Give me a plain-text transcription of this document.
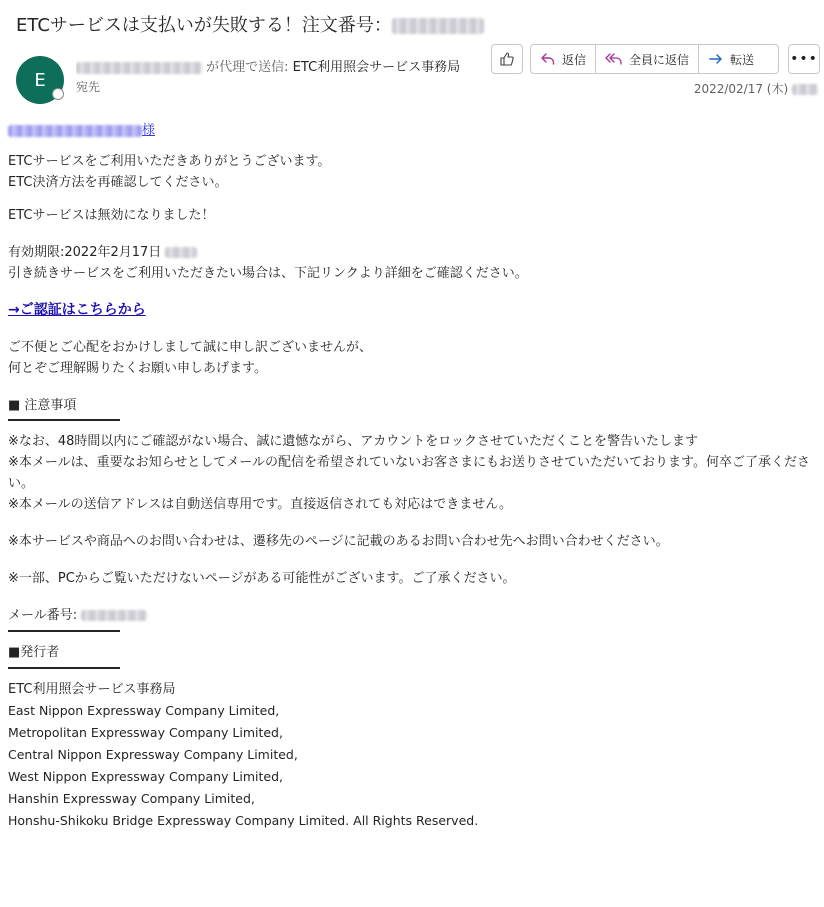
ETCサービスは支払いが失敗する！注文番号：
E
が代理で送信: ETC利用照会サービス事務局
宛先
返信	全員に返信	転送	•••
2022/02/17 (木)

様

ETCサービスをご利用いただきありがとうございます。

ETC決済方法を再確認してください。

ETCサービスは無効になりました！

有効期限:2022年2月17日

引き続きサービスをご利用いただきたい場合は、下記リンクより詳細をご確認ください。

→ご認証はこちらから

ご不便とご心配をおかけしまして誠に申し訳ございませんが、

何とぞご理解賜りたくお願い申しあげます。

■ 注意事項

※なお、48時間以内にご確認がない場合、誠に遺憾ながら、アカウントをロックさせていただくことを警告いたします

※本メールは、重要なお知らせとしてメールの配信を希望されていないお客さまにもお送りさせていただいております。何卒ご了承ください。

※本メールの送信アドレスは自動送信専用です。直接返信されても対応はできません。

※本サービスや商品へのお問い合わせは、遷移先のページに記載のあるお問い合わせ先へお問い合わせください。

※一部、PCからご覧いただけないページがある可能性がございます。ご了承ください。

メール番号:

■発行者

ETC利用照会サービス事務局

East Nippon Expressway Company Limited,

Metropolitan Expressway Company Limited,

Central Nippon Expressway Company Limited,

West Nippon Expressway Company Limited,

Hanshin Expressway Company Limited,

Honshu-Shikoku Bridge Expressway Company Limited. All Rights Reserved.
